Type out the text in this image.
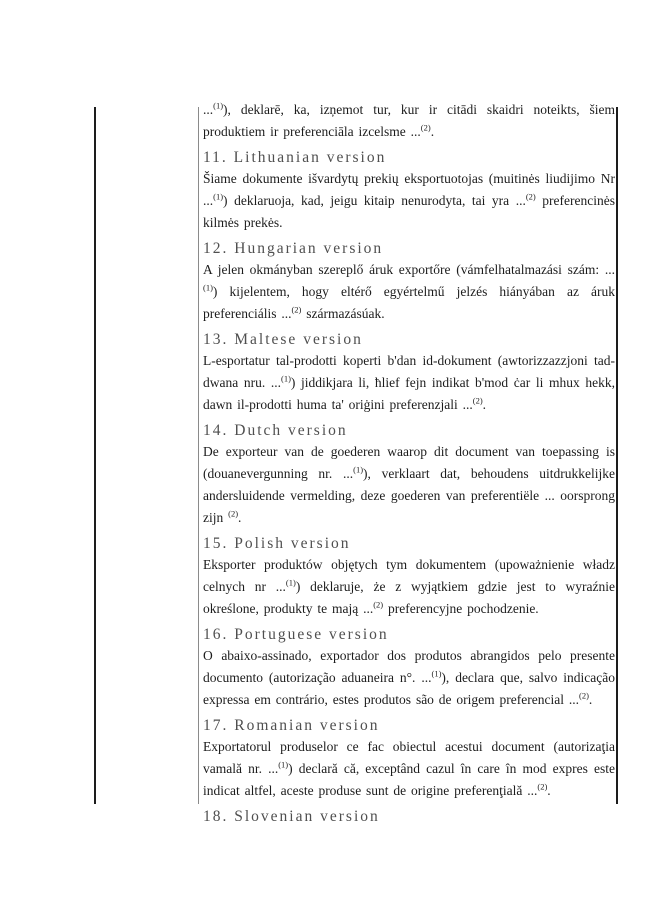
...$^{(1)}$), deklarē, ka, izņemot tur, kur ir citādi skaidri noteikts, šiem produktiem ir preferenciāla izcelsme ...$^{(2)}$.

11. Lithuanian version

Šiame dokumente išvardytų prekių eksportuotojas (muitinės liudijimo Nr ...$^{(1)}$) deklaruoja, kad, jeigu kitaip nenurodyta, tai yra ...$^{(2)}$ preferencinės kilmės prekės.

12. Hungarian version

A jelen okmányban szereplő áruk exportőre (vámfelhatalmazási szám: ...$^{(1)}$) kijelentem, hogy eltérő egyértelmű jelzés hiányában az áruk preferenciális ...$^{(2)}$ származásúak.

13. Maltese version

L-esportatur tal-prodotti koperti b'dan id-dokument (awtorizzazzjoni tad-dwana nru. ...$^{(1)}$) jiddikjara li, ħlief fejn indikat b'mod ċar li mhux hekk, dawn il-prodotti huma ta' oriġini preferenzjali ...$^{(2)}$.

14. Dutch version

De exporteur van de goederen waarop dit document van toepassing is (douanevergunning nr. ...$^{(1)}$), verklaart dat, behoudens uitdrukkelijke andersluidende vermelding, deze goederen van preferentiële ... oorsprong zijn $^{(2)}$.

15. Polish version

Eksporter produktów objętych tym dokumentem (upoważnienie władz celnych nr ...$^{(1)}$) deklaruje, że z wyjątkiem gdzie jest to wyraźnie określone, produkty te mają ...$^{(2)}$ preferencyjne pochodzenie.

16. Portuguese version

O abaixo-assinado, exportador dos produtos abrangidos pelo presente documento (autorização aduaneira n°. ...$^{(1)}$), declara que, salvo indicação expressa em contrário, estes produtos são de origem preferencial ...$^{(2)}$.

17. Romanian version

Exportatorul produselor ce fac obiectul acestui document (autorizaţia vamală nr. ...$^{(1)}$) declară că, exceptând cazul în care în mod expres este indicat altfel, aceste produse sunt de origine preferenţială ...$^{(2)}$.

18. Slovenian version
